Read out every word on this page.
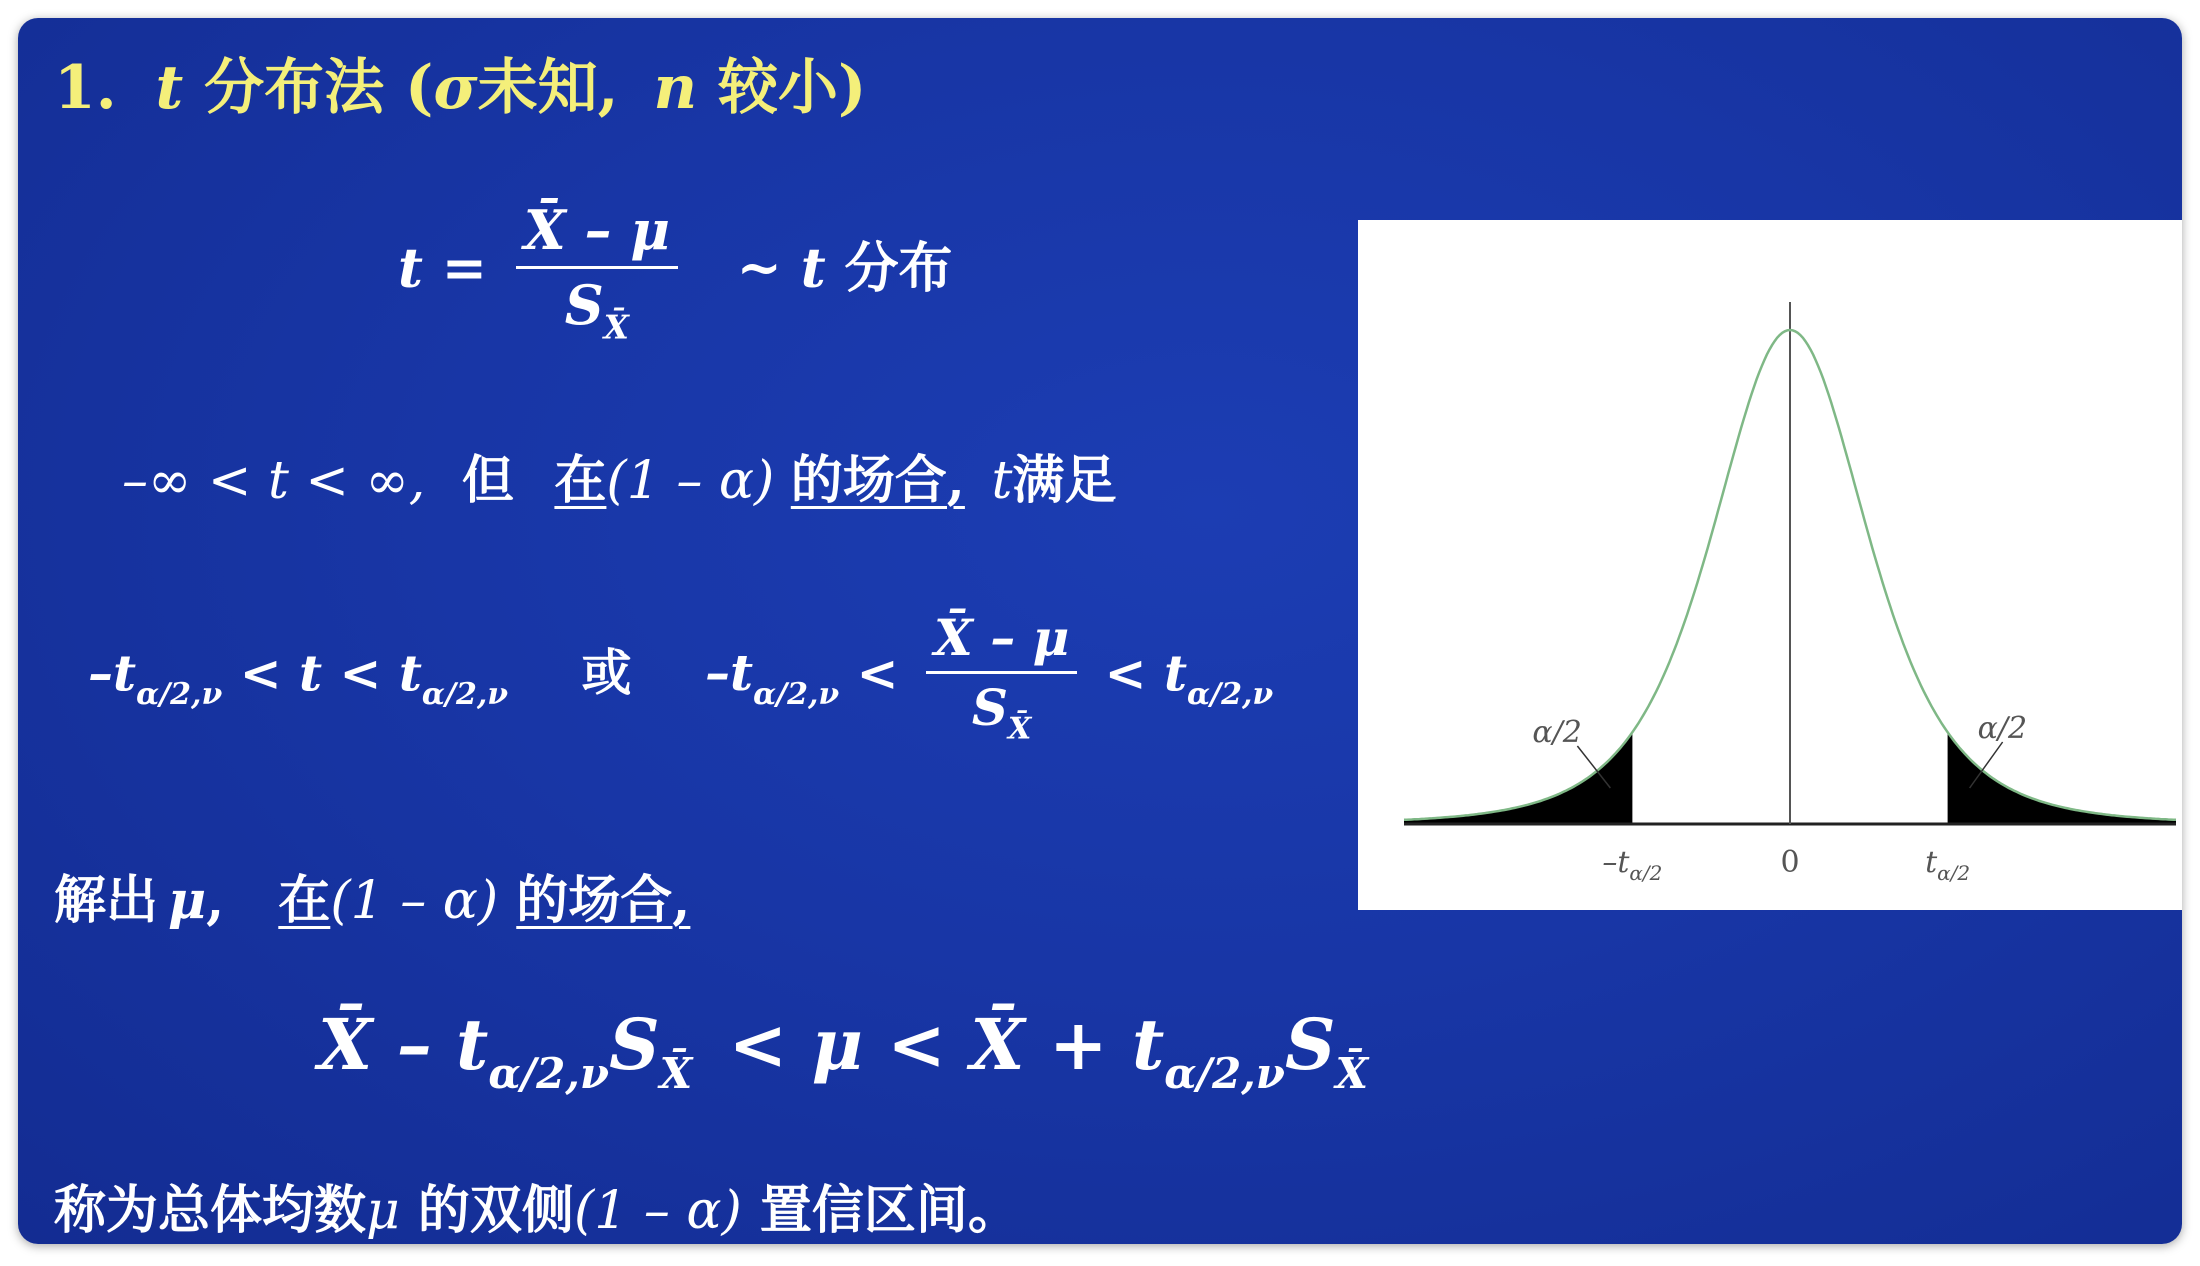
1. t 分布法 (σ未知, n 较小)
$t = \frac{X̄ - \mu}{S_{X̄}}$ ~ t 分布
–∞ < t < ∞, 但 在(1 – α) 的场合, t满足
$-t_{\alpha/2,\nu} < t < t_{\alpha/2,\nu}$ 或 $-t_{\alpha/2,\nu} < \frac{X̄ - \mu}{S_{X̄}} < t_{\alpha/2,\nu}$
解出 μ, 在(1 – α) 的场合,
X̄ – $t_{\alpha/2,\nu}S_{X̄} < \mu$ < X̄ + $t_{\alpha/2,\nu}S_{X̄}$
称为总体均数μ 的双侧(1 – α) 置信区间。
α/2	α/2
$-t_{\alpha/2}$	0	$t_{\alpha/2}$
